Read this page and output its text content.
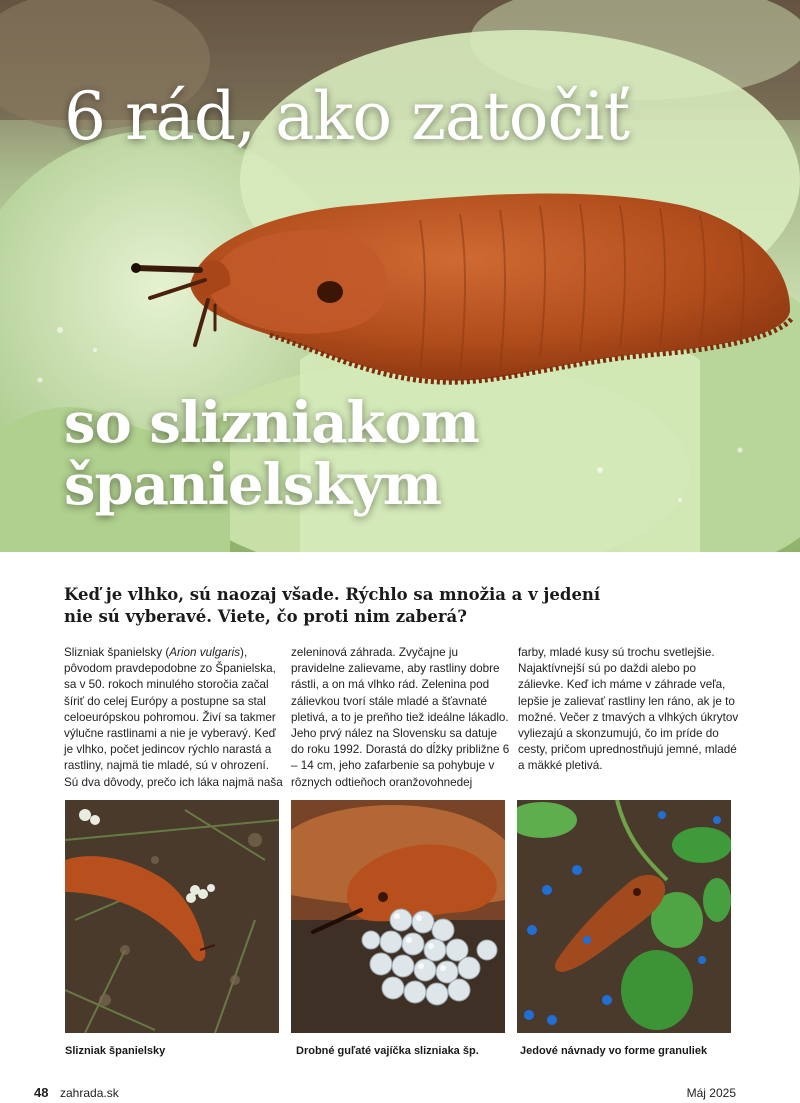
6 rád, ako zatočiť
so slizniakom
španielskym

Keď je vlhko, sú naozaj všade. Rýchlo sa množia a v jedení nie sú vyberavé. Viete, čo proti nim zaberá?

Slizniak španielsky (Arion vulgaris), pôvodom pravdepodobne zo Španielska, sa v 50. rokoch minulého storočia začal šíriť do celej Európy a postupne sa stal celoeurópskou pohromou. Živí sa takmer výlučne rastlinami a nie je vyberavý. Keď je vlhko, počet jedincov rýchlo narastá a rastliny, najmä tie mladé, sú v ohrození. Sú dva dôvody, prečo ich láka najmä naša

zeleninová záhrada. Zvyčajne ju pravidelne zalievame, aby rastliny dobre rástli, a on má vlhko rád. Zelenina pod zálievkou tvorí stále mladé a šťavnaté pletivá, a to je preňho tiež ideálne lákadlo. Jeho prvý nález na Slovensku sa datuje do roku 1992. Dorastá do dĺžky približne 6 – 14 cm, jeho zafarbenie sa pohybuje v rôznych odtieňoch oranžovohnedej

farby, mladé kusy sú trochu svetlejšie. Najaktívnejší sú po daždi alebo po zálievke. Keď ich máme v záhrade veľa, lepšie je zalievať rastliny len ráno, ak je to možné. Večer z tmavých a vlhkých úkrytov vyliezajú a skonzumujú, čo im príde do cesty, pričom uprednostňujú jemné, mladé a mäkké pletivá.

Slizniak španielsky	Drobné guľaté vajíčka slizniaka šp.	Jedové návnady vo forme granuliek

48 zahrada.sk	Máj 2025
